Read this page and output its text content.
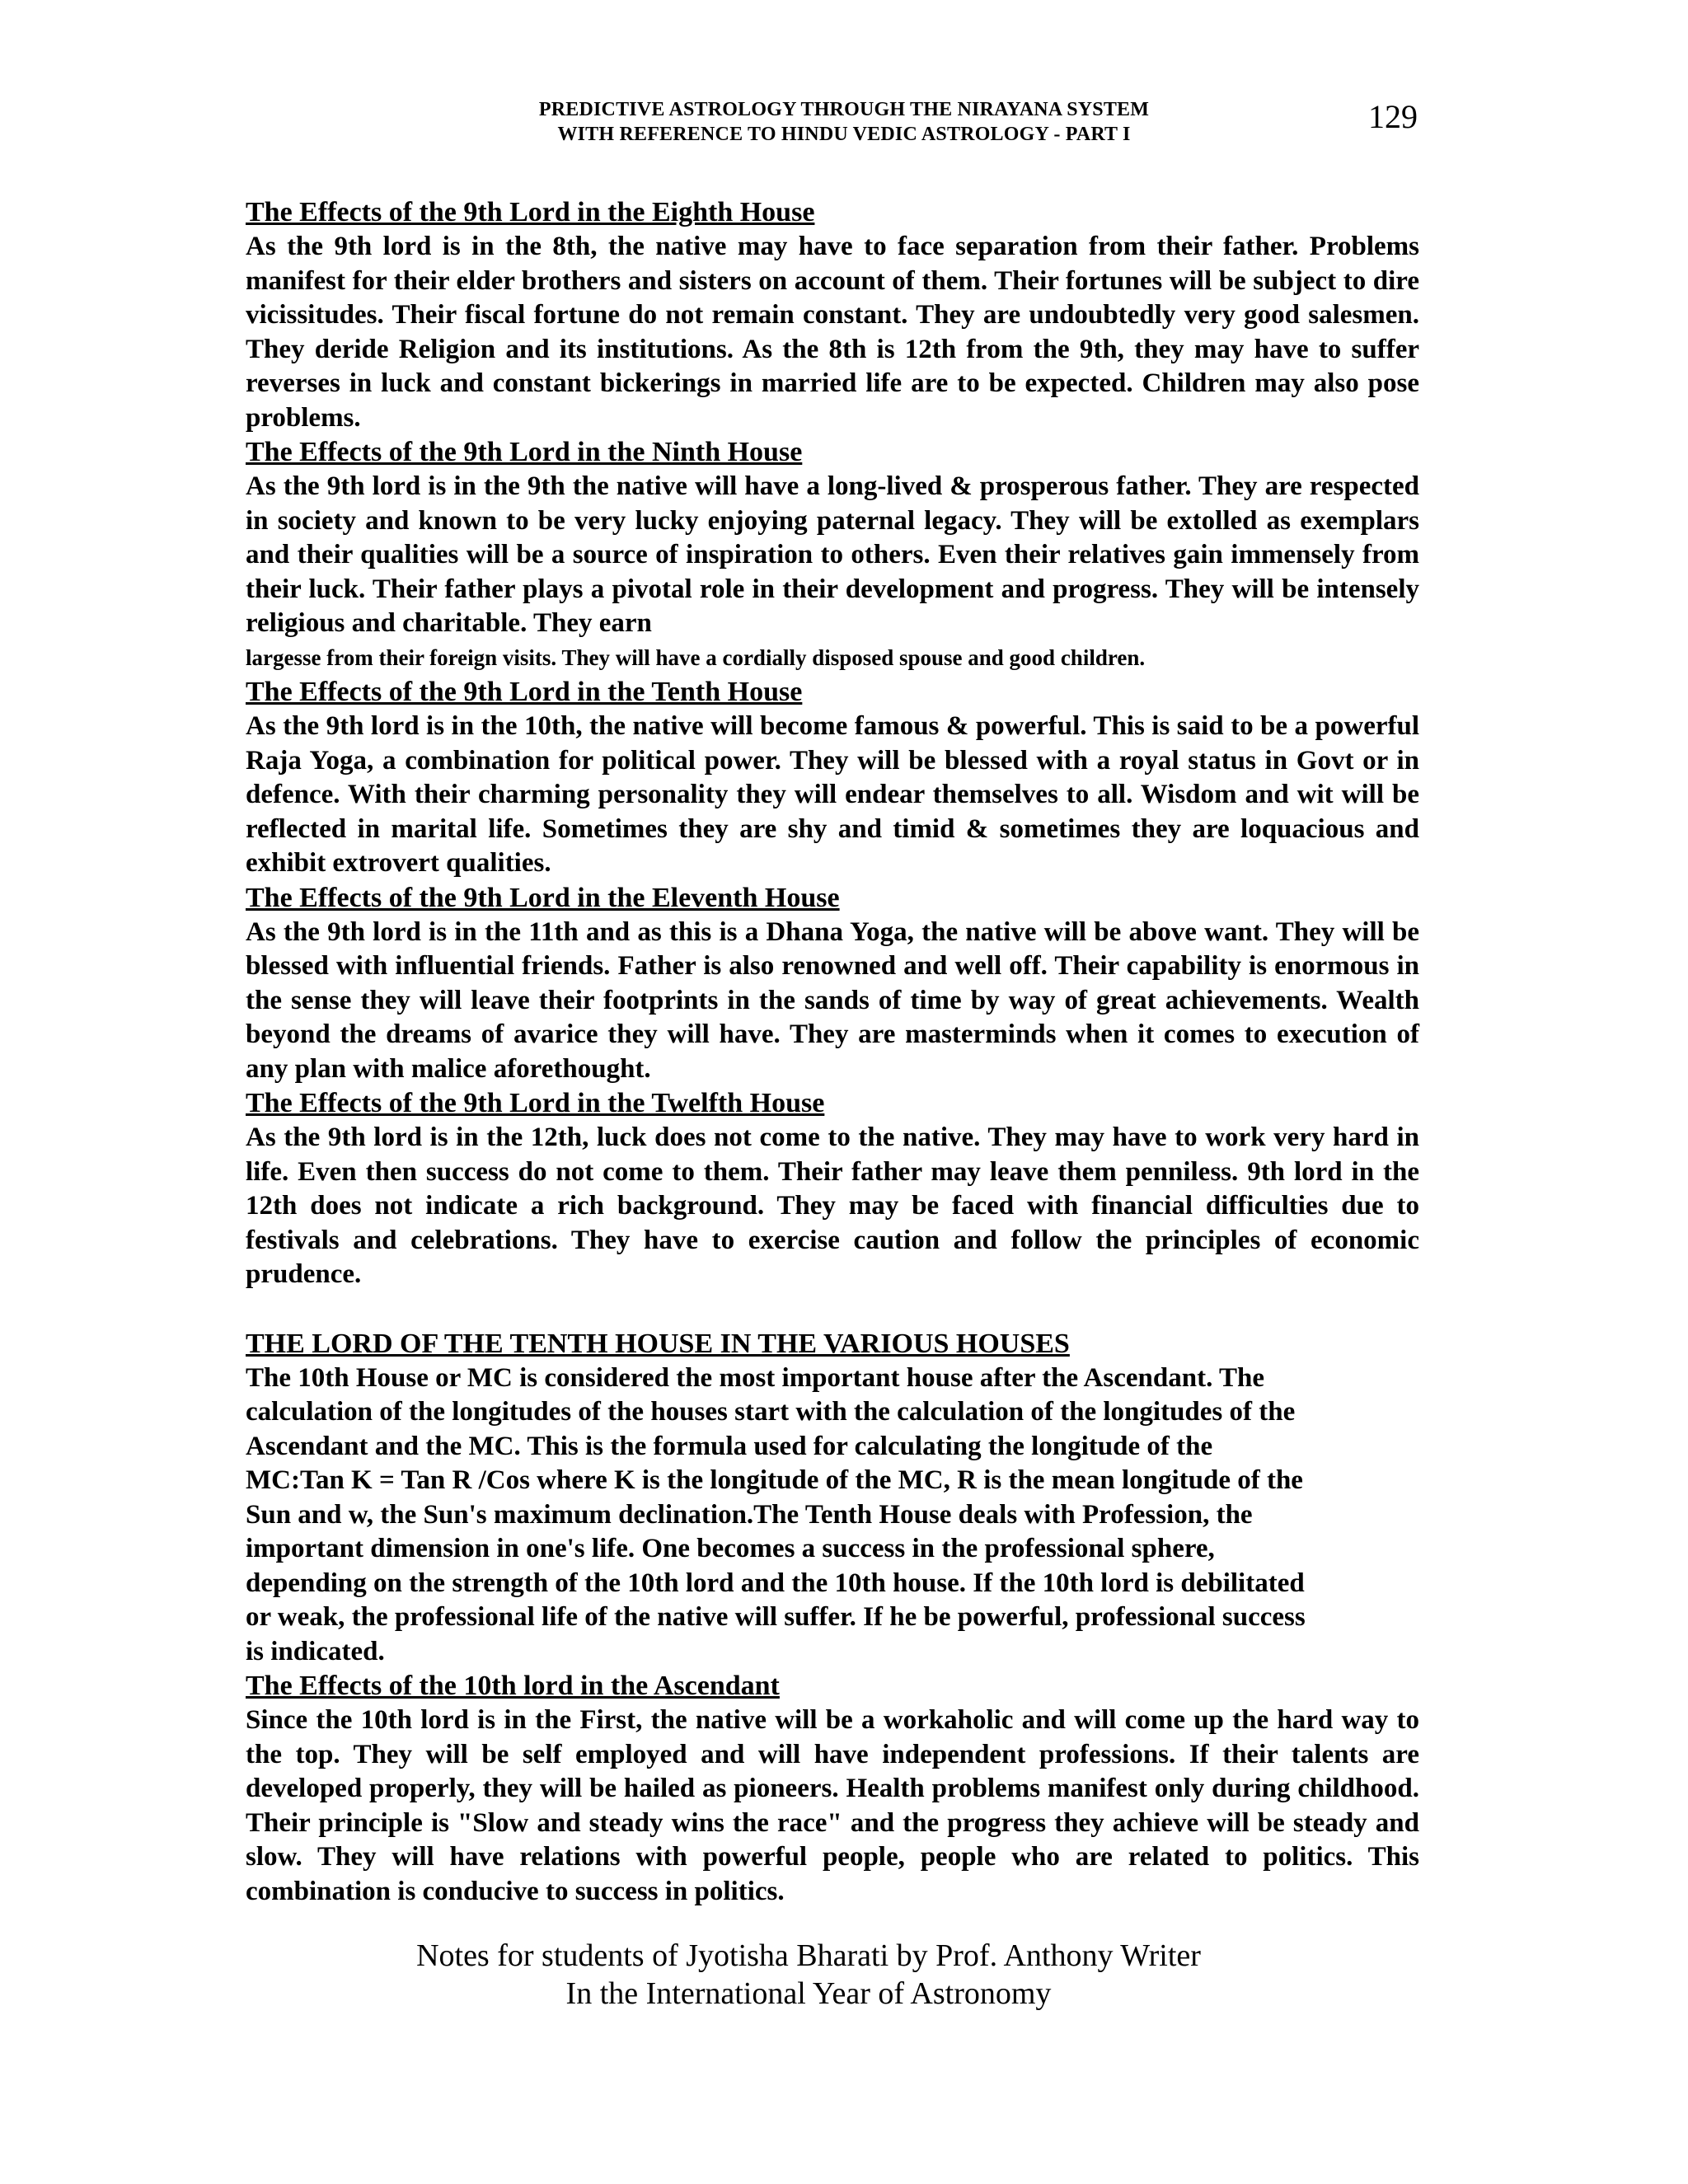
PREDICTIVE ASTROLOGY THROUGH THE NIRAYANA SYSTEM
WITH REFERENCE TO HINDU VEDIC ASTROLOGY - PART I	129
The Effects of the 9th Lord in the Eighth House

As the 9th lord is in the 8th, the native may have to face separation from their father. Problems manifest for their elder brothers and sisters on account of them. Their fortunes will be subject to dire vicissitudes. Their fiscal fortune do not remain constant. They are undoubtedly very good salesmen. They deride Religion and its institutions. As the 8th is 12th from the 9th, they may have to suffer reverses in luck and constant bickerings in married life are to be expected. Children may also pose problems.

The Effects of the 9th Lord in the Ninth House

As the 9th lord is in the 9th the native will have a long-lived & prosperous father. They are respected in society and known to be very lucky enjoying paternal legacy. They will be extolled as exemplars and their qualities will be a source of inspiration to others. Even their relatives gain immensely from their luck. Their father plays a pivotal role in their development and progress. They will be intensely religious and charitable. They earn

largesse from their foreign visits. They will have a cordially disposed spouse and good children.

The Effects of the 9th Lord in the Tenth House

As the 9th lord is in the 10th, the native will become famous & powerful. This is said to be a powerful Raja Yoga, a combination for political power. They will be blessed with a royal status in Govt or in defence. With their charming personality they will endear themselves to all. Wisdom and wit will be reflected in marital life. Sometimes they are shy and timid & sometimes they are loquacious and exhibit extrovert qualities.

The Effects of the 9th Lord in the Eleventh House

As the 9th lord is in the 11th and as this is a Dhana Yoga, the native will be above want. They will be blessed with influential friends. Father is also renowned and well off. Their capability is enormous in the sense they will leave their footprints in the sands of time by way of great achievements. Wealth beyond the dreams of avarice they will have. They are masterminds when it comes to execution of any plan with malice aforethought.

The Effects of the 9th Lord in the Twelfth House

As the 9th lord is in the 12th, luck does not come to the native. They may have to work very hard in life. Even then success do not come to them. Their father may leave them penniless. 9th lord in the 12th does not indicate a rich background. They may be faced with financial difficulties due to festivals and celebrations. They have to exercise caution and follow the principles of economic prudence.

THE LORD OF THE TENTH HOUSE IN THE VARIOUS HOUSES

The 10th House or MC is considered the most important house after the Ascendant. The

calculation of the longitudes of the houses start with the calculation of the longitudes of the

Ascendant and the MC. This is the formula used for calculating the longitude of the

MC:Tan K = Tan R /Cos where K is the longitude of the MC, R is the mean longitude of the

Sun and w, the Sun's maximum declination.The Tenth House deals with Profession, the

important dimension in one's life. One becomes a success in the professional sphere,

depending on the strength of the 10th lord and the 10th house. If the 10th lord is debilitated

or weak, the professional life of the native will suffer. If he be powerful, professional success

is indicated.

The Effects of the 10th lord in the Ascendant

Since the 10th lord is in the First, the native will be a workaholic and will come up the hard way to the top. They will be self employed and will have independent professions. If their talents are developed properly, they will be hailed as pioneers. Health problems manifest only during childhood. Their principle is "Slow and steady wins the race" and the progress they achieve will be steady and slow. They will have relations with powerful people, people who are related to politics. This combination is conducive to success in politics.

Notes for students of Jyotisha Bharati by Prof. Anthony Writer
In the International Year of Astronomy
